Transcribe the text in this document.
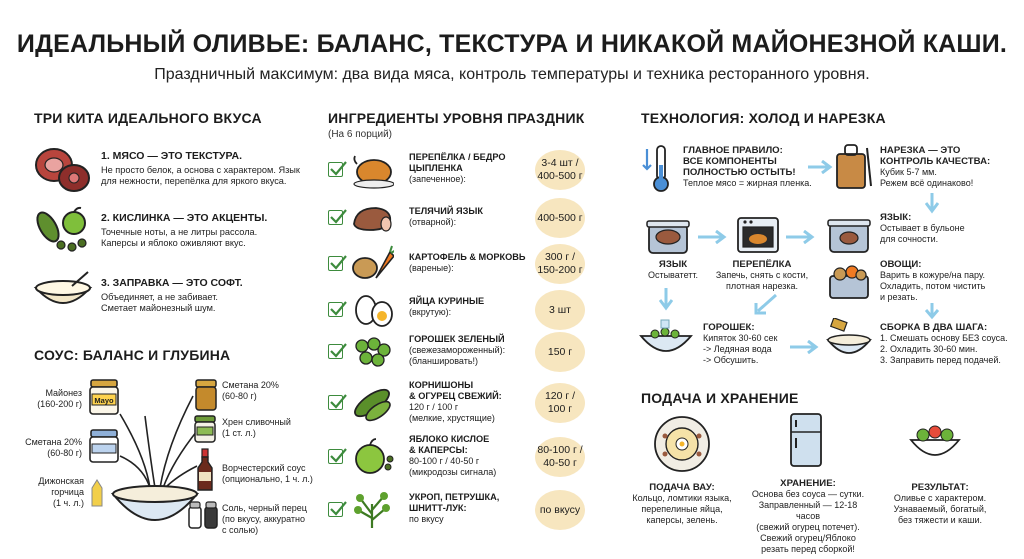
ИДЕАЛЬНЫЙ ОЛИВЬЕ: БАЛАНС, ТЕКСТУРА И НИКАКОЙ МАЙОНЕЗНОЙ КАШИ.
Праздничный максимум: два вида мяса, контроль температуры и техника ресторанного уровня.
ТРИ КИТА ИДЕАЛЬНОГО ВКУСА
1. МЯСО — ЭТО ТЕКСТУРА.
Не просто белок, а основа с характером. Язык
для нежности, перепёлка для яркого вкуса.
2. КИСЛИНКА — ЭТО АКЦЕНТЫ.
Точечные ноты, а не литры рассола.
Каперсы и яблоко оживляют вкус.
3. ЗАПРАВКА — ЭТО СОФТ.
Объединяет, а не забивает.
Сметает майонезный шум.
СОУС: БАЛАНС И ГЛУБИНА
Майонез
(160-200 г)	Mayo
Сметана 20%
(60-80 г)
Дижонская
горчица
(1 ч. л.)
Сметана 20%
(60-80 г)
Хрен сливочный
(1 ст. л.)
Ворчестерский соус
(опционально, 1 ч. л.)
Соль, черный перец
(по вкусу, аккуратно
с солью)
ИНГРЕДИЕНТЫ УРОВНЯ ПРАЗДНИК
(На 6 порций)
ПЕРЕПЁЛКА / БЕДРО
ЦЫПЛЕНКА
(запеченное):
3-4 шт /
400-500 г
ТЕЛЯЧИЙ ЯЗЫК
(отварной):	400-500 г
КАРТОФЕЛЬ & МОРКОВЬ
(вареные):
300 г /
150-200 г
ЯЙЦА КУРИНЫЕ
(вкрутую):	3 шт
ГОРОШЕК ЗЕЛЕНЫЙ
(свежезамороженный):
(бланшировать!)
150 г
КОРНИШОНЫ
& ОГУРЕЦ СВЕЖИЙ:
120 г / 100 г
(мелкие, хрустящие)
120 г /
100 г
ЯБЛОКО КИСЛОЕ
& КАПЕРСЫ:
80-100 г / 40-50 г
(микродозы сигнала)
80-100 г /
40-50 г
УКРОП, ПЕТРУШКА,
ШНИТТ-ЛУК:
по вкусу
по вкусу
ТЕХНОЛОГИЯ: ХОЛОД И НАРЕЗКА
ГЛАВНОЕ ПРАВИЛО:
ВСЕ КОМПОНЕНТЫ
ПОЛНОСТЬЮ ОСТЫТЬ!
Теплое мясо = жирная пленка.
НАРЕЗКА — ЭТО
КОНТРОЛЬ КАЧЕСТВА:
Кубик 5-7 мм.
Режем всё одинаково!
ЯЗЫК:
Остывает в бульоне
для сочности.
ЯЗЫК
Остыватетт.
ПЕРЕПЁЛКА
Запечь, снять с кости,
плотная нарезка.
ОВОЩИ:
Варить в кожуре/на пару.
Охладить, потом чистить
и резать.
ГОРОШЕК:
Кипяток 30-60 сек
-> Ледяная вода
-> Обсушить.
СБОРКА В ДВА ШАГА:
1. Смешать основу БЕЗ соуса.
2. Охладить 30-60 мин.
3. Заправить перед подачей.
ПОДАЧА И ХРАНЕНИЕ
ПОДАЧА ВАУ:
Кольцо, ломтики языка,
перепелиные яйца,
каперсы, зелень.
ХРАНЕНИЕ:
Основа без соуса — сутки.
Заправленный — 12-18 часов
(свежий огурец потечет).
Свежий огурец/Яблоко
резать перед сборкой!
РЕЗУЛЬТАТ:
Оливье с характером.
Узнаваемый, богатый,
без тяжести и каши.
